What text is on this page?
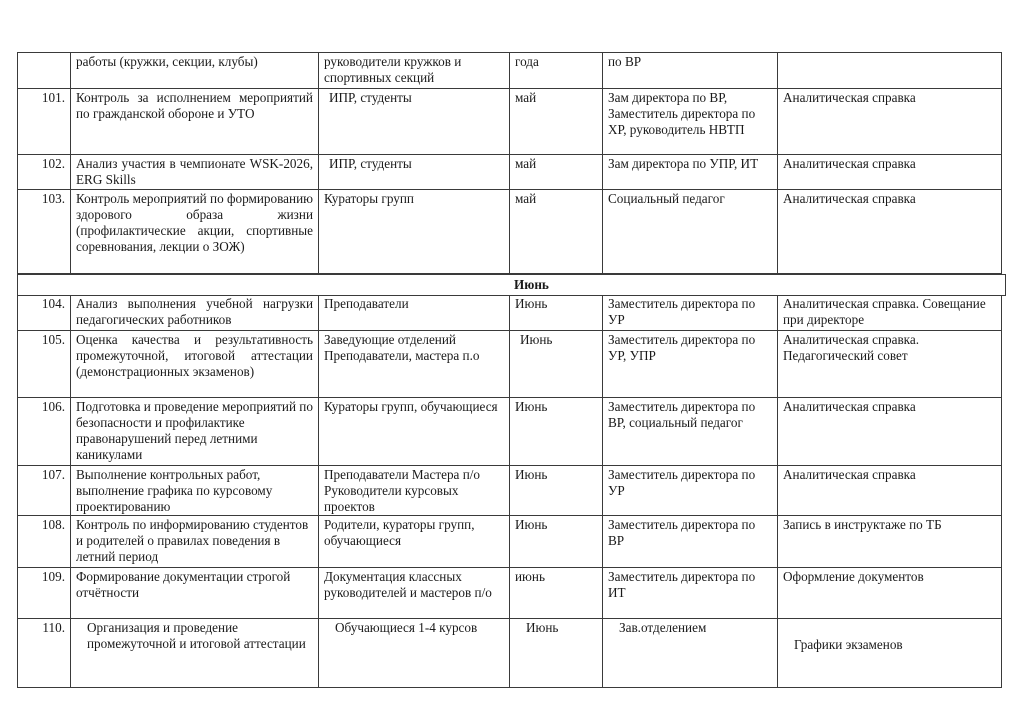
	работы (кружки, секции, клубы)	руководители кружков и спортивных секций	года	по ВР	
101.	Контроль за исполнением мероприятий по гражданской обороне и УТО	ИПР, студенты	май	Зам директора по ВР, Заместитель директора по ХР, руководитель НВТП	Аналитическая справка
102.	Анализ участия в чемпионате WSK-2026, ERG Skills	ИПР, студенты	май	Зам директора по УПР, ИТ	Аналитическая справка
103.	Контроль мероприятий по формированию здорового образа жизни (профилактические акции, спортивные соревнования, лекции о ЗОЖ)	Кураторы групп	май	Социальный педагог	Аналитическая справка

104.	Анализ выполнения учебной нагрузки педагогических работников	Преподаватели	Июнь	Заместитель директора по УР	Аналитическая справка. Совещание при директоре
105.	Оценка качества и результативность промежуточной, итоговой аттестации (демонстрационных экзаменов)	Заведующие отделений Преподаватели, мастера п.о	Июнь	Заместитель директора по УР, УПР	Аналитическая справка. Педагогический совет
106.	Подготовка и проведение мероприятий по безопасности и профилактике правонарушений перед летними каникулами	Кураторы групп, обучающиеся	Июнь	Заместитель директора по ВР, социальный педагог	Аналитическая справка
107.	Выполнение контрольных работ, выполнение графика по курсовому проектированию	Преподаватели Мастера п/о Руководители курсовых проектов	Июнь	Заместитель директора по УР	Аналитическая справка
108.	Контроль по информированию студентов и родителей о правилах поведения в летний период	Родители, кураторы групп, обучающиеся	Июнь	Заместитель директора по ВР	Запись в инструктаже по ТБ
109.	Формирование документации строгой отчётности	Документация классных руководителей и мастеров п/о	июнь	Заместитель директора по ИТ	Оформление документов
110.	Организация и проведение промежуточной и итоговой аттестации	Обучающиеся 1-4 курсов	Июнь	Зав.отделением	Графики экзаменов
Июнь
